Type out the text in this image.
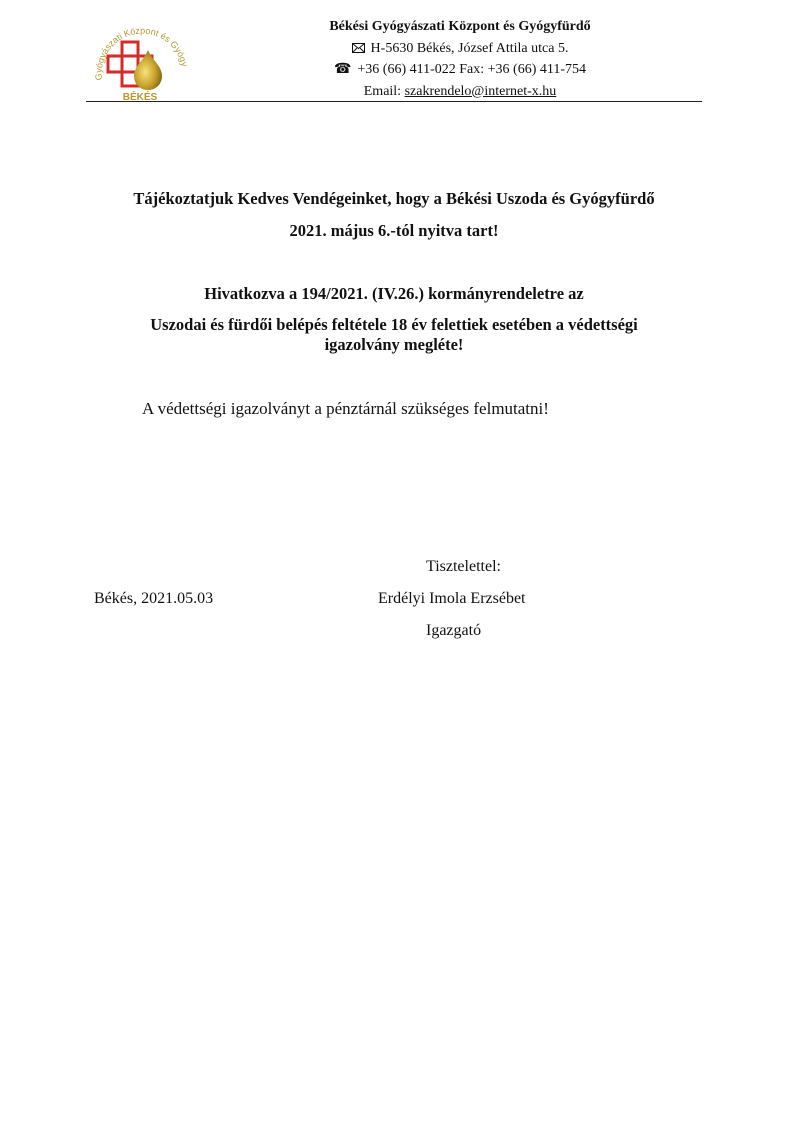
Gyógyászati Központ és Gyógy
BÉKÉS
Békési Gyógyászati Központ és Gyógyfürdő
H-5630 Békés, József Attila utca 5.
☎ +36 (66) 411-022 Fax: +36 (66) 411-754
Email: szakrendelo@internet-x.hu
Tájékoztatjuk Kedves Vendégeinket, hogy a Békési Uszoda és Gyógyfürdő
2021. május 6.-tól nyitva tart!
Hivatkozva a 194/2021. (IV.26.) kormányrendeletre az
Uszodai és fürdői belépés feltétele 18 év felettiek esetében a védettségi
igazolvány megléte!
A védettségi igazolványt a pénztárnál szükséges felmutatni!
Tisztelettel:
Békés, 2021.05.03	Erdélyi Imola Erzsébet
Igazgató
